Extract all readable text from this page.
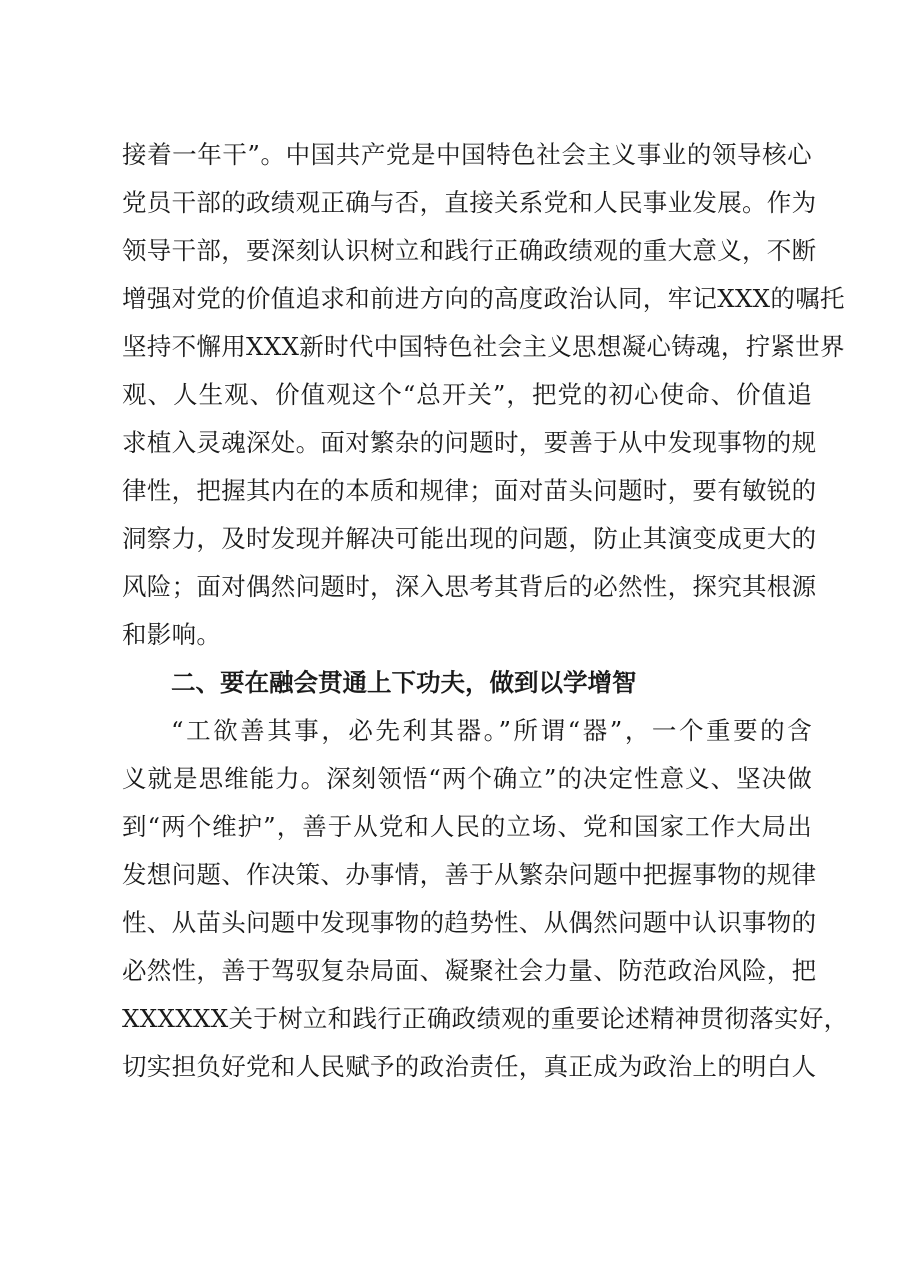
接着一年干”。中国共产党是中国特色社会主义事业的领导核心
党员干部的政绩观正确与否，直接关系党和人民事业发展。作为
领导干部，要深刻认识树立和践行正确政绩观的重大意义，不断
增强对党的价值追求和前进方向的高度政治认同，牢记XXX的嘱托
坚持不懈用XXX新时代中国特色社会主义思想凝心铸魂，拧紧世界
观、人生观、价值观这个“总开关”，把党的初心使命、价值追
求植入灵魂深处。面对繁杂的问题时，要善于从中发现事物的规
律性，把握其内在的本质和规律；面对苗头问题时，要有敏锐的
洞察力，及时发现并解决可能出现的问题，防止其演变成更大的
风险；面对偶然问题时，深入思考其背后的必然性，探究其根源
和影响。
二、要在融会贯通上下功夫，做到以学增智
“工欲善其事，必先利其器。”所谓“器”，一个重要的含
义就是思维能力。深刻领悟“两个确立”的决定性意义、坚决做
到“两个维护”，善于从党和人民的立场、党和国家工作大局出
发想问题、作决策、办事情，善于从繁杂问题中把握事物的规律
性、从苗头问题中发现事物的趋势性、从偶然问题中认识事物的
必然性，善于驾驭复杂局面、凝聚社会力量、防范政治风险，把
XXXXXX关于树立和践行正确政绩观的重要论述精神贯彻落实好，
切实担负好党和人民赋予的政治责任，真正成为政治上的明白人
